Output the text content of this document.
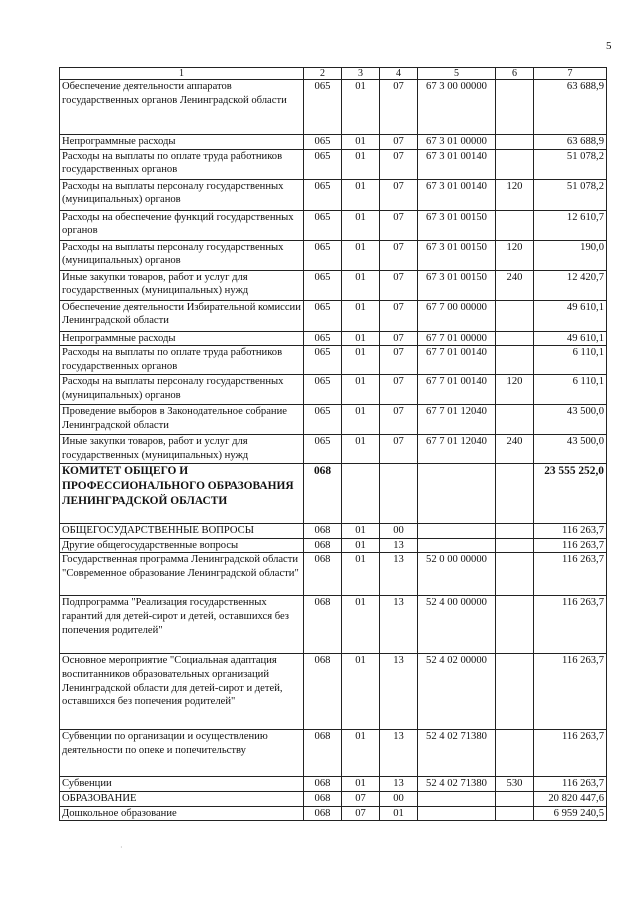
5
1	2	3	4	5	6	7
Обеспечение деятельности аппаратов государственных органов Ленинградской области	065	01	07	67 3 00 00000		63 688,9
Непрограммные расходы	065	01	07	67 3 01 00000		63 688,9
Расходы на выплаты по оплате труда работников государственных органов	065	01	07	67 3 01 00140		51 078,2
Расходы на выплаты персоналу государственных (муниципальных) органов	065	01	07	67 3 01 00140	120	51 078,2
Расходы на обеспечение функций государственных органов	065	01	07	67 3 01 00150		12 610,7
Расходы на выплаты персоналу государственных (муниципальных) органов	065	01	07	67 3 01 00150	120	190,0
Иные закупки товаров, работ и услуг для государственных (муниципальных) нужд	065	01	07	67 3 01 00150	240	12 420,7
Обеспечение деятельности Избирательной комиссии Ленинградской области	065	01	07	67 7 00 00000		49 610,1
Непрограммные расходы	065	01	07	67 7 01 00000		49 610,1
Расходы на выплаты по оплате труда работников государственных органов	065	01	07	67 7 01 00140		6 110,1
Расходы на выплаты персоналу государственных (муниципальных) органов	065	01	07	67 7 01 00140	120	6 110,1
Проведение выборов в Законодательное собрание Ленинградской области	065	01	07	67 7 01 12040		43 500,0
Иные закупки товаров, работ и услуг для государственных (муниципальных) нужд	065	01	07	67 7 01 12040	240	43 500,0
КОМИТЕТ ОБЩЕГО И ПРОФЕССИОНАЛЬНОГО ОБРАЗОВАНИЯ ЛЕНИНГРАДСКОЙ ОБЛАСТИ	068					23 555 252,0
ОБЩЕГОСУДАРСТВЕННЫЕ ВОПРОСЫ	068	01	00			116 263,7
Другие общегосударственные вопросы	068	01	13			116 263,7
Государственная программа Ленинградской области "Современное образование Ленинградской области"	068	01	13	52 0 00 00000		116 263,7
Подпрограмма "Реализация государственных гарантий для детей-сирот и детей, оставшихся без попечения родителей"	068	01	13	52 4 00 00000		116 263,7
Основное мероприятие "Социальная адаптация воспитанников образовательных организаций Ленинградской области для детей-сирот и детей, оставшихся без попечения родителей"	068	01	13	52 4 02 00000		116 263,7
Субвенции по организации и осуществлению деятельности по опеке и попечительству	068	01	13	52 4 02 71380		116 263,7
Субвенции	068	01	13	52 4 02 71380	530	116 263,7
ОБРАЗОВАНИЕ	068	07	00			20 820 447,6
Дошкольное образование	068	07	01			6 959 240,5
·
